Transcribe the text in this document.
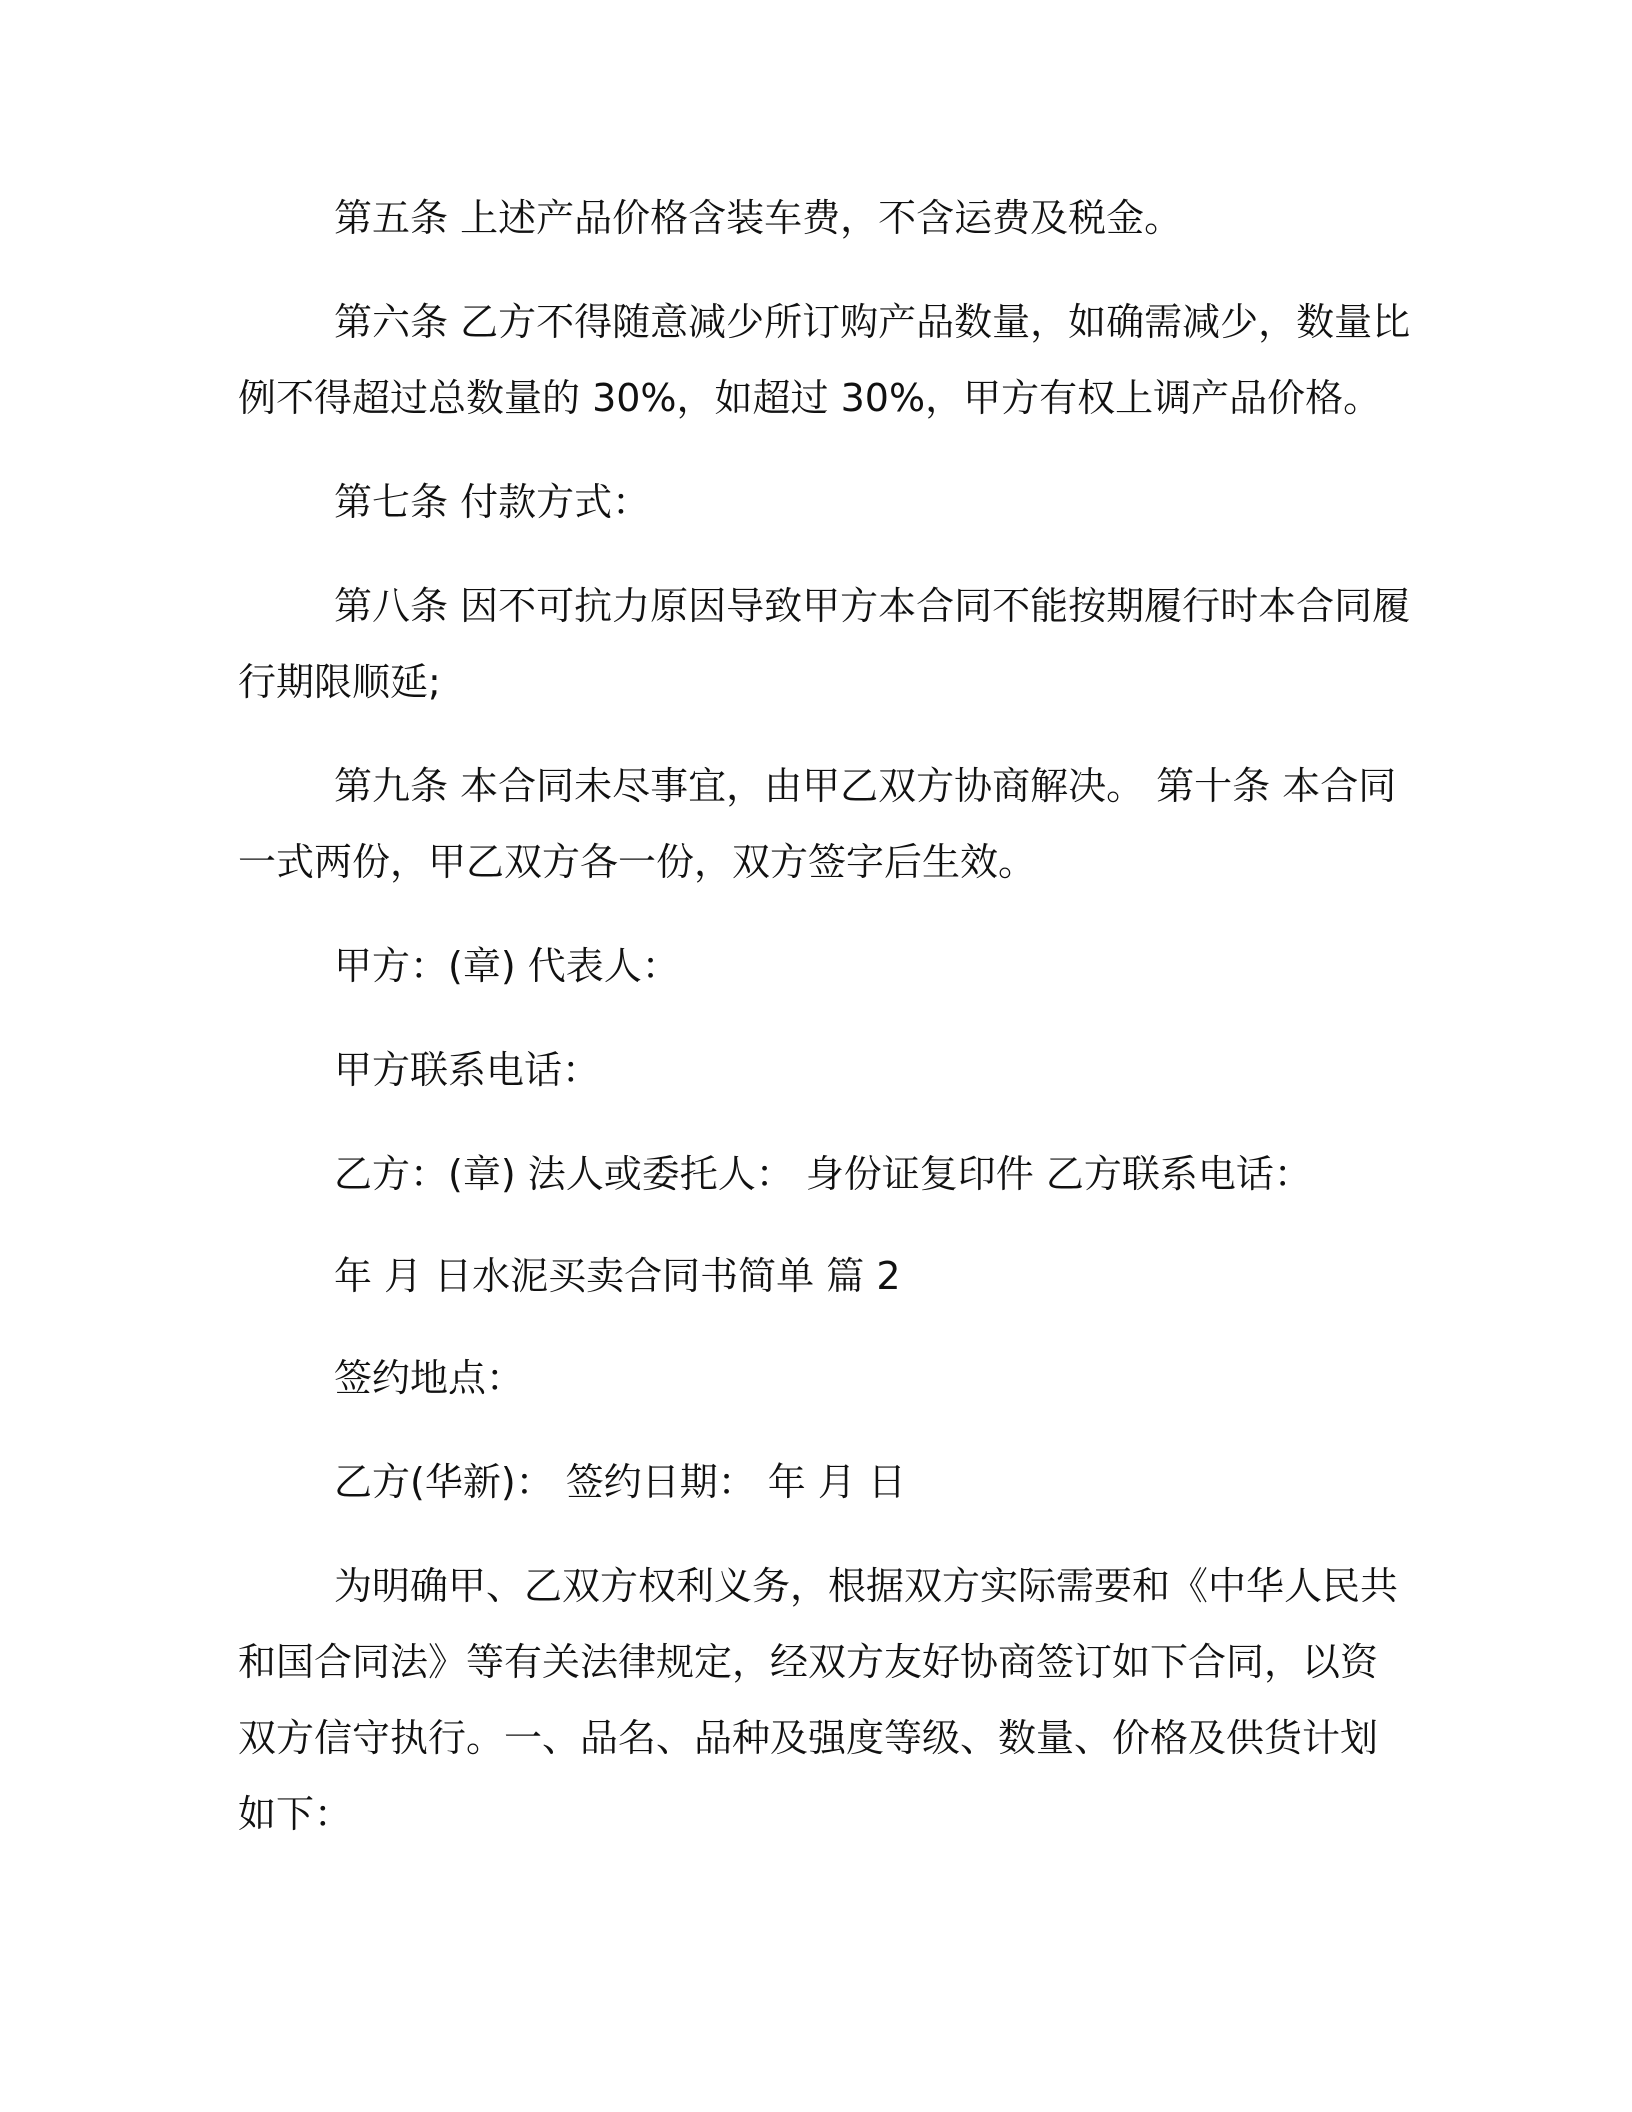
第五条 上述产品价格含装车费，不含运费及税金。

第六条 乙方不得随意减少所订购产品数量，如确需减少，数量比

例不得超过总数量的 30%，如超过 30%，甲方有权上调产品价格。

第七条 付款方式：

第八条 因不可抗力原因导致甲方本合同不能按期履行时本合同履

行期限顺延;

第九条 本合同未尽事宜，由甲乙双方协商解决。 第十条 本合同

一式两份，甲乙双方各一份，双方签字后生效。

甲方：(章) 代表人：

甲方联系电话：

乙方：(章) 法人或委托人： 身份证复印件 乙方联系电话：

年 月 日水泥买卖合同书简单 篇 2

签约地点：

乙方(华新)： 签约日期： 年 月 日

为明确甲、乙双方权利义务，根据双方实际需要和《中华人民共

和国合同法》等有关法律规定，经双方友好协商签订如下合同，以资

双方信守执行。一、品名、品种及强度等级、数量、价格及供货计划

如下：
